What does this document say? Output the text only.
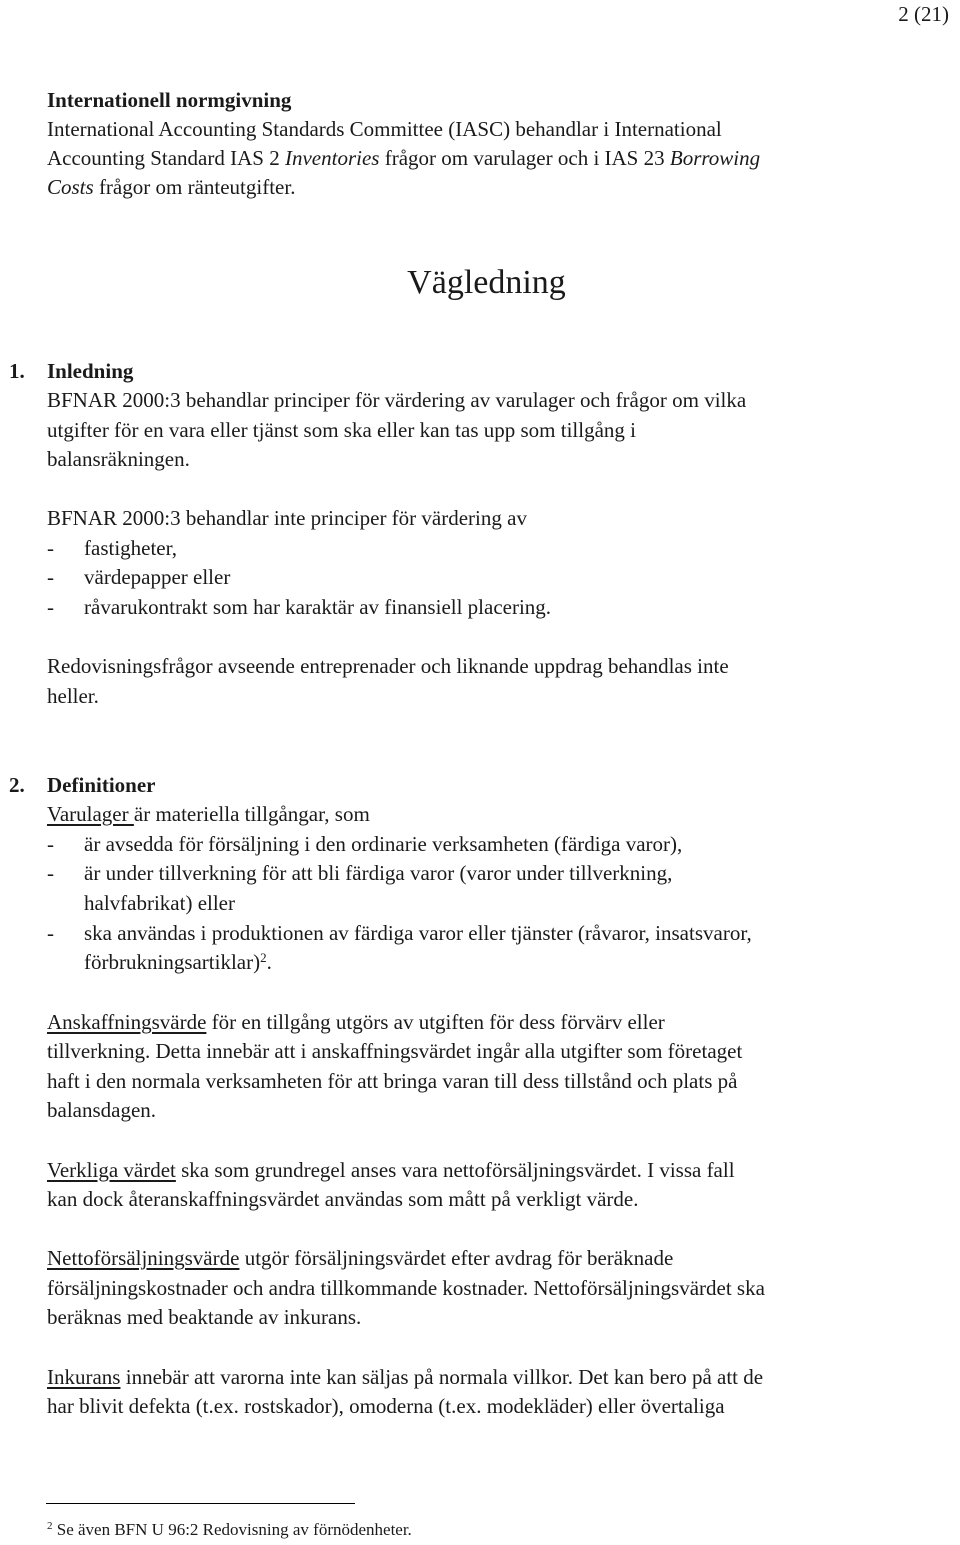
2 (21)
Internationell normgivning
International Accounting Standards Committee (IASC) behandlar i International
Accounting Standard IAS 2 Inventories frågor om varulager och i IAS 23 Borrowing
Costs frågor om ränteutgifter.
Vägledning
1. Inledning
BFNAR 2000:3 behandlar principer för värdering av varulager och frågor om vilka
utgifter för en vara eller tjänst som ska eller kan tas upp som tillgång i
balansräkningen.
BFNAR 2000:3 behandlar inte principer för värdering av
- fastigheter,
- värdepapper eller
- råvarukontrakt som har karaktär av finansiell placering.
Redovisningsfrågor avseende entreprenader och liknande uppdrag behandlas inte
heller.
2. Definitioner
Varulager är materiella tillgångar, som
- är avsedda för försäljning i den ordinarie verksamheten (färdiga varor),
- är under tillverkning för att bli färdiga varor (varor under tillverkning,
halvfabrikat) eller
- ska användas i produktionen av färdiga varor eller tjänster (råvaror, insatsvaror,
förbrukningsartiklar)$^2$.
Anskaffningsvärde för en tillgång utgörs av utgiften för dess förvärv eller
tillverkning. Detta innebär att i anskaffningsvärdet ingår alla utgifter som företaget
haft i den normala verksamheten för att bringa varan till dess tillstånd och plats på
balansdagen.
Verkliga värdet ska som grundregel anses vara nettoförsäljningsvärdet. I vissa fall
kan dock återanskaffningsvärdet användas som mått på verkligt värde.
Nettoförsäljningsvärde utgör försäljningsvärdet efter avdrag för beräknade
försäljningskostnader och andra tillkommande kostnader. Nettoförsäljningsvärdet ska
beräknas med beaktande av inkurans.
Inkurans innebär att varorna inte kan säljas på normala villkor. Det kan bero på att de
har blivit defekta (t.ex. rostskador), omoderna (t.ex. modekläder) eller övertaliga
$^2$ Se även BFN U 96:2 Redovisning av förnödenheter.
